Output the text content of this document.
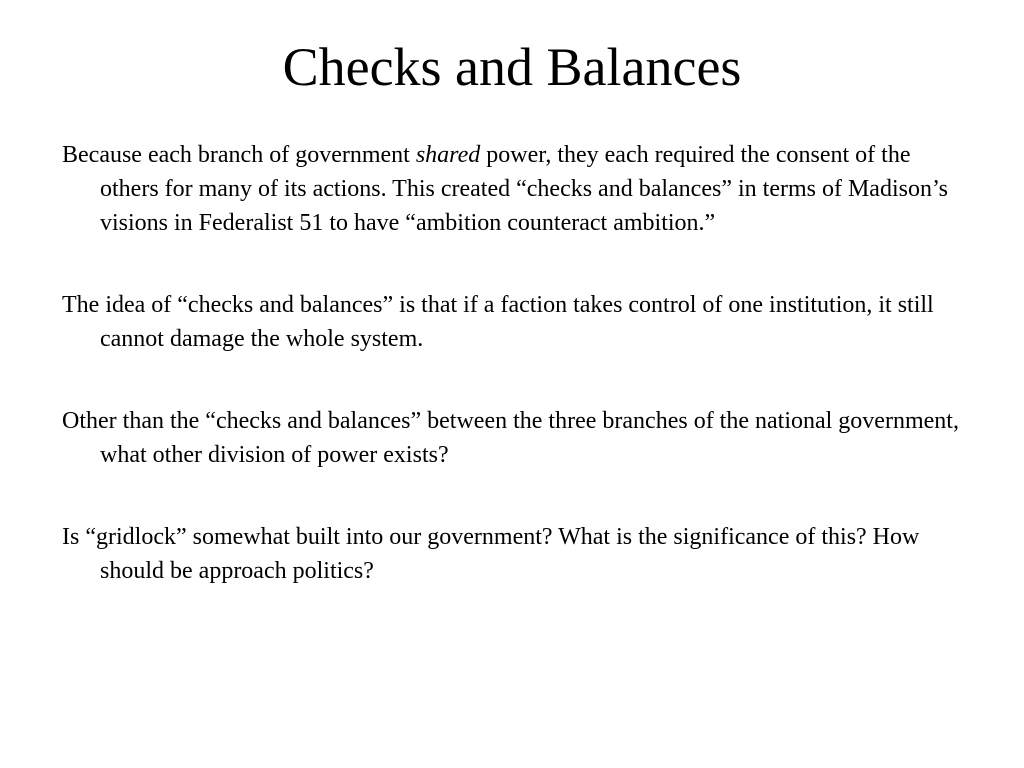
Checks and Balances

Because each branch of government shared power, they each required the consent of the others for many of its actions. This created “checks and balances” in terms of Madison’s visions in Federalist 51 to have “ambition counteract ambition.”

The idea of “checks and balances” is that if a faction takes control of one institution, it still cannot damage the whole system.

Other than the “checks and balances” between the three branches of the national government, what other division of power exists?

Is “gridlock” somewhat built into our government? What is the significance of this? How should be approach politics?
